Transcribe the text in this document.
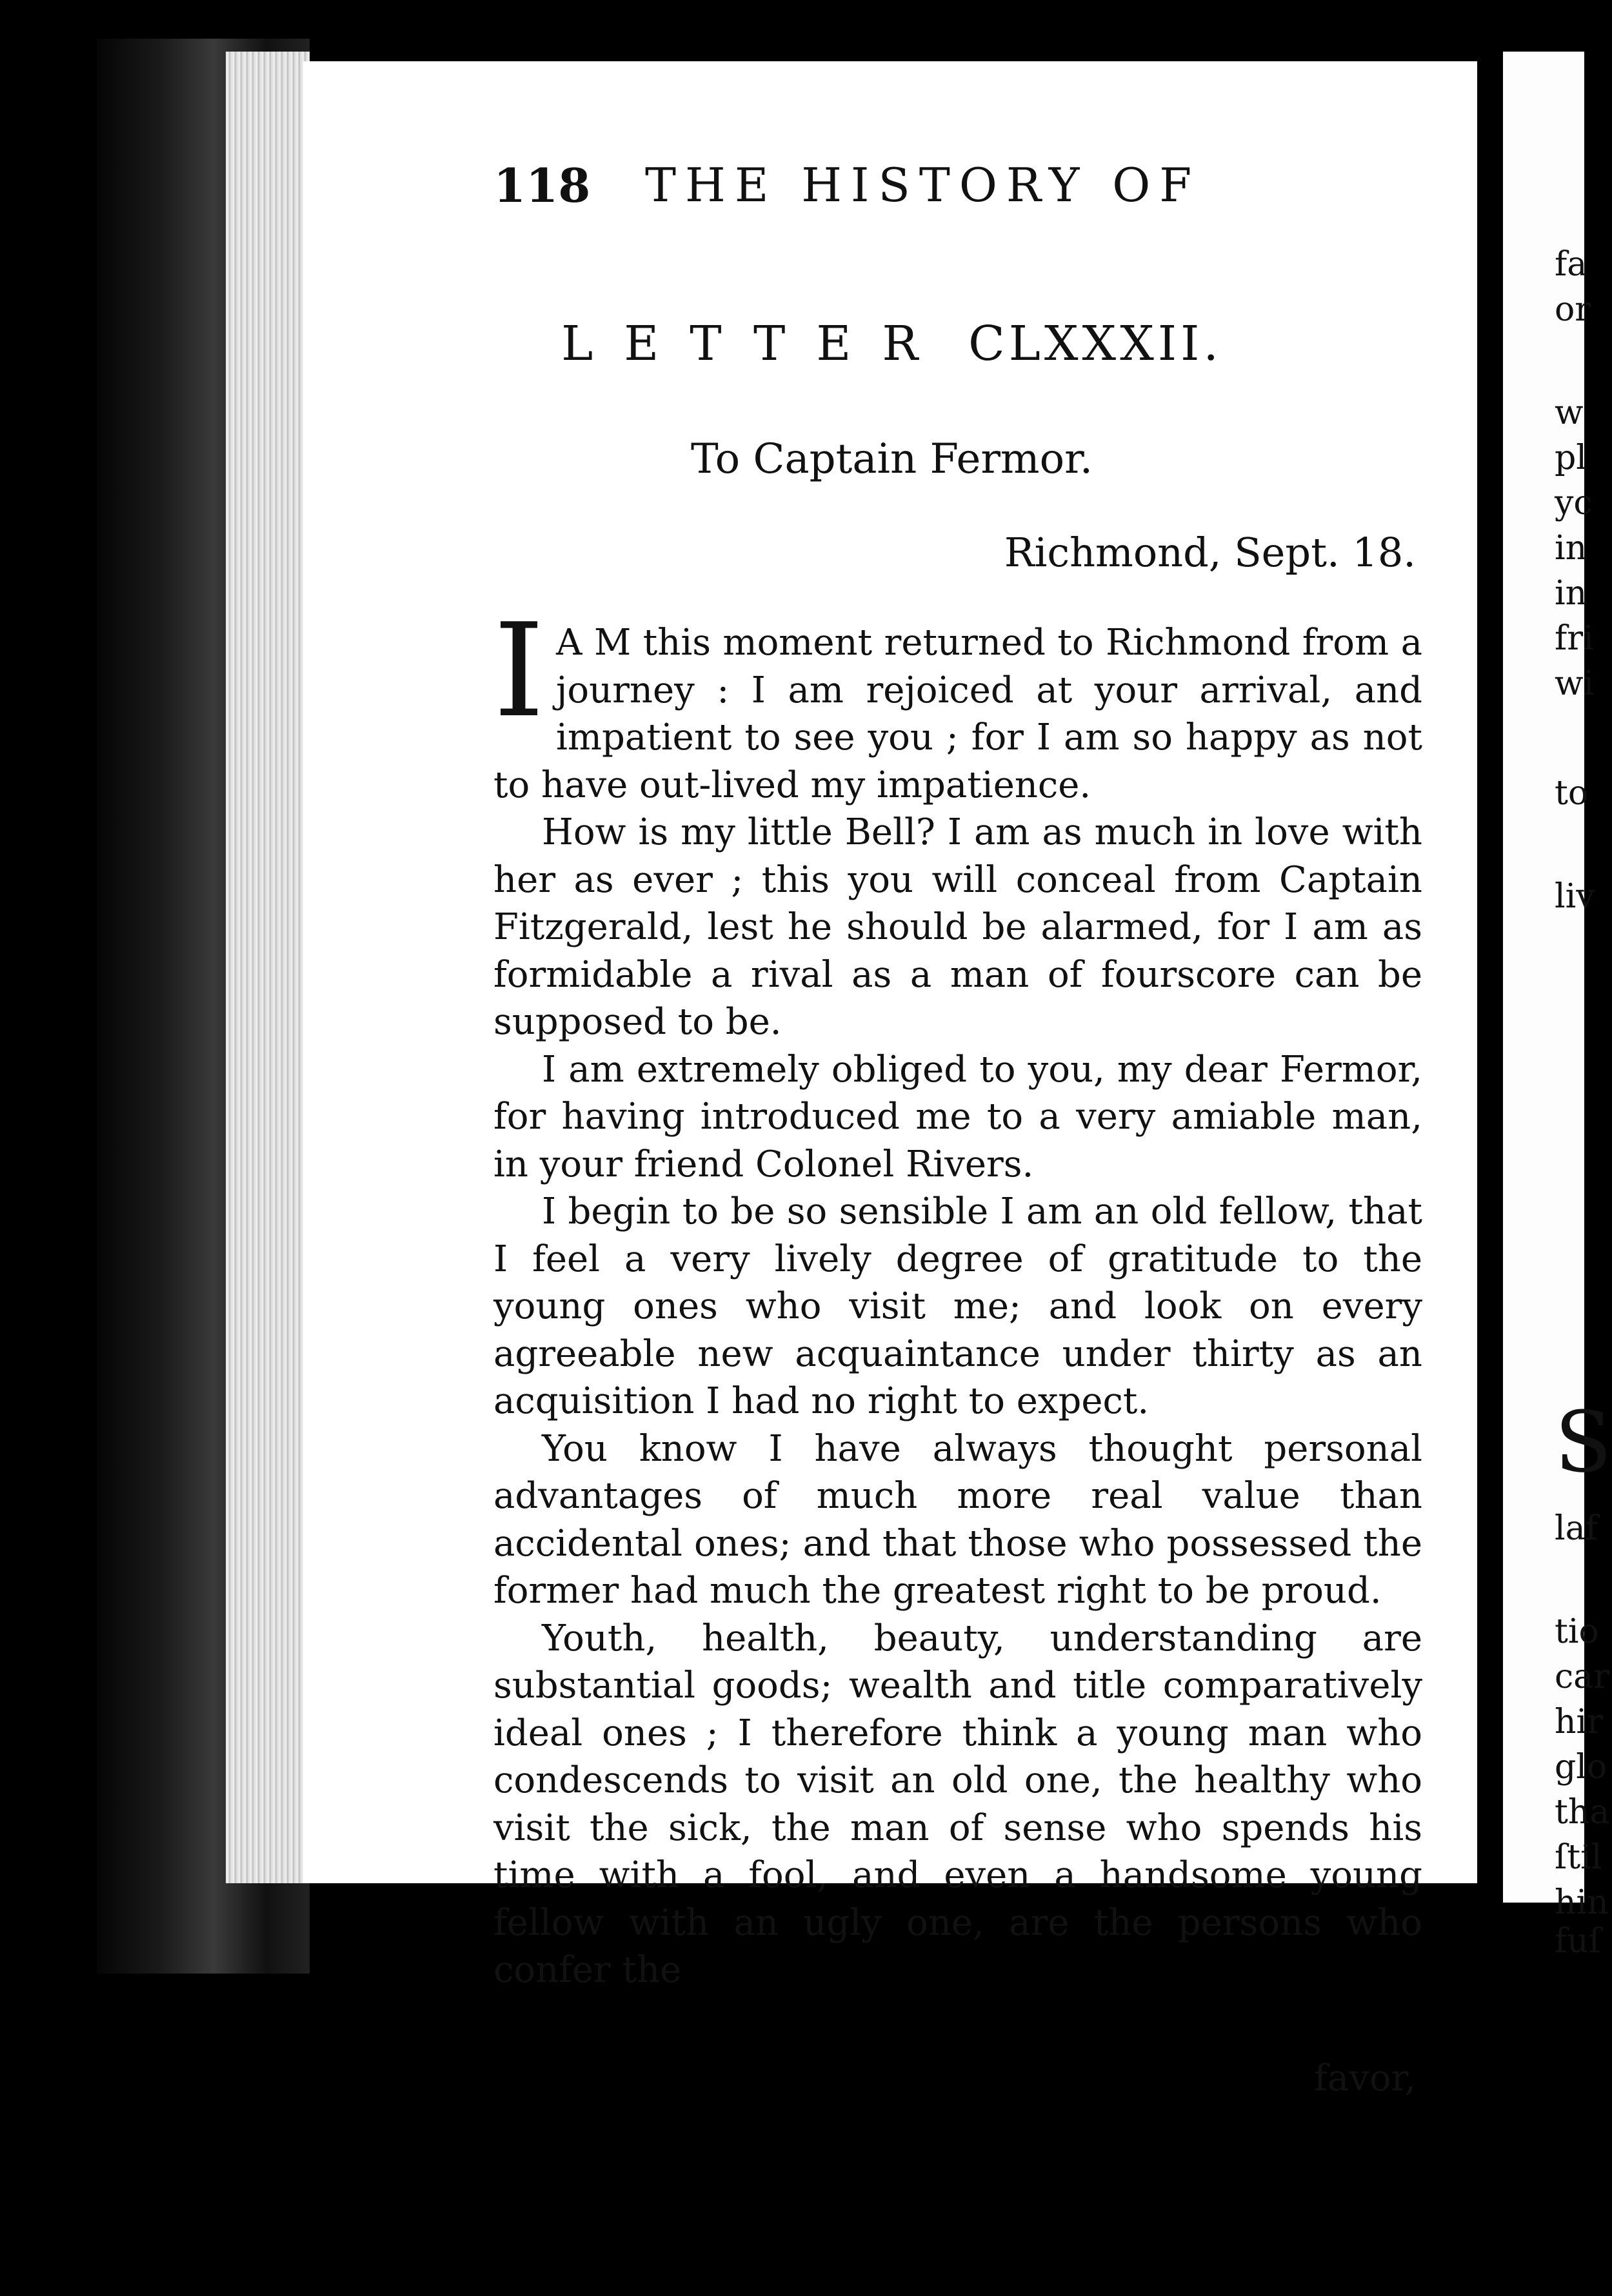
118 THE HISTORY OF
LETTER CLXXXII.
To Captain Fermor.
Richmond, Sept. 18.

I A M this moment returned to Richmond from a journey : I am rejoiced at your arrival, and impatient to see you ; for I am so happy as not to have out-lived my impatience.

How is my little Bell? I am as much in love with her as ever ; this you will conceal from Captain Fitzgerald, lest he should be alarmed, for I am as formidable a rival as a man of fourscore can be supposed to be.

I am extremely obliged to you, my dear Fermor, for having introduced me to a very amiable man, in your friend Colonel Rivers.

I begin to be so sensible I am an old fellow, that I feel a very lively degree of gratitude to the young ones who visit me; and look on every agreeable new acquaintance under thirty as an acquisition I had no right to expect.

You know I have always thought personal advantages of much more real value than accidental ones; and that those who possessed the former had much the greatest right to be proud.

Youth, health, beauty, understanding are substantial goods; wealth and title comparatively ideal ones ; I therefore think a young man who condescends to visit an old one, the healthy who visit the sick, the man of sense who spends his time with a fool, and even a handsome young fellow with an ugly one, are the persons who confer the

favor,
fa
or
w
pl
yc
in
in
fri
wi
to
liv
S
laf
tio
car
hir
glo
tha
ſtil
hin
fuſ
